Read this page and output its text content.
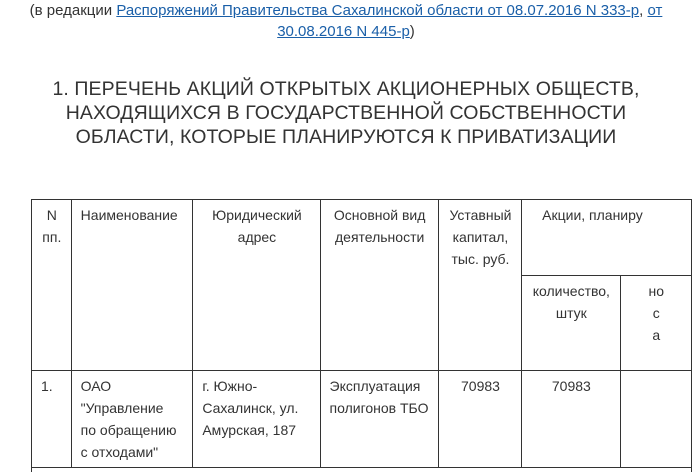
(в редакции Распоряжений Правительства Сахалинской области от 08.07.2016 N 333-р, от
30.08.2016 N 445-р)
1. ПЕРЕЧЕНЬ АКЦИЙ ОТКРЫТЫХ АКЦИОНЕРНЫХ ОБЩЕСТВ,
НАХОДЯЩИХСЯ В ГОСУДАРСТВЕННОЙ СОБСТВЕННОСТИ
ОБЛАСТИ, КОТОРЫЕ ПЛАНИРУЮТСЯ К ПРИВАТИЗАЦИИ
N
пп.	Наименование	Юридический
адрес	Основной вид
деятельности	Уставный
капитал,
тыс. руб.	Акции, планиру	
					количество,
штук	но
с
а
1.	ОАО
"Управление
по обращению
с отходами"	г. Южно-
Сахалинск, ул.
Амурская, 187	Эксплуатация
полигонов ТБО	70983	70983	
